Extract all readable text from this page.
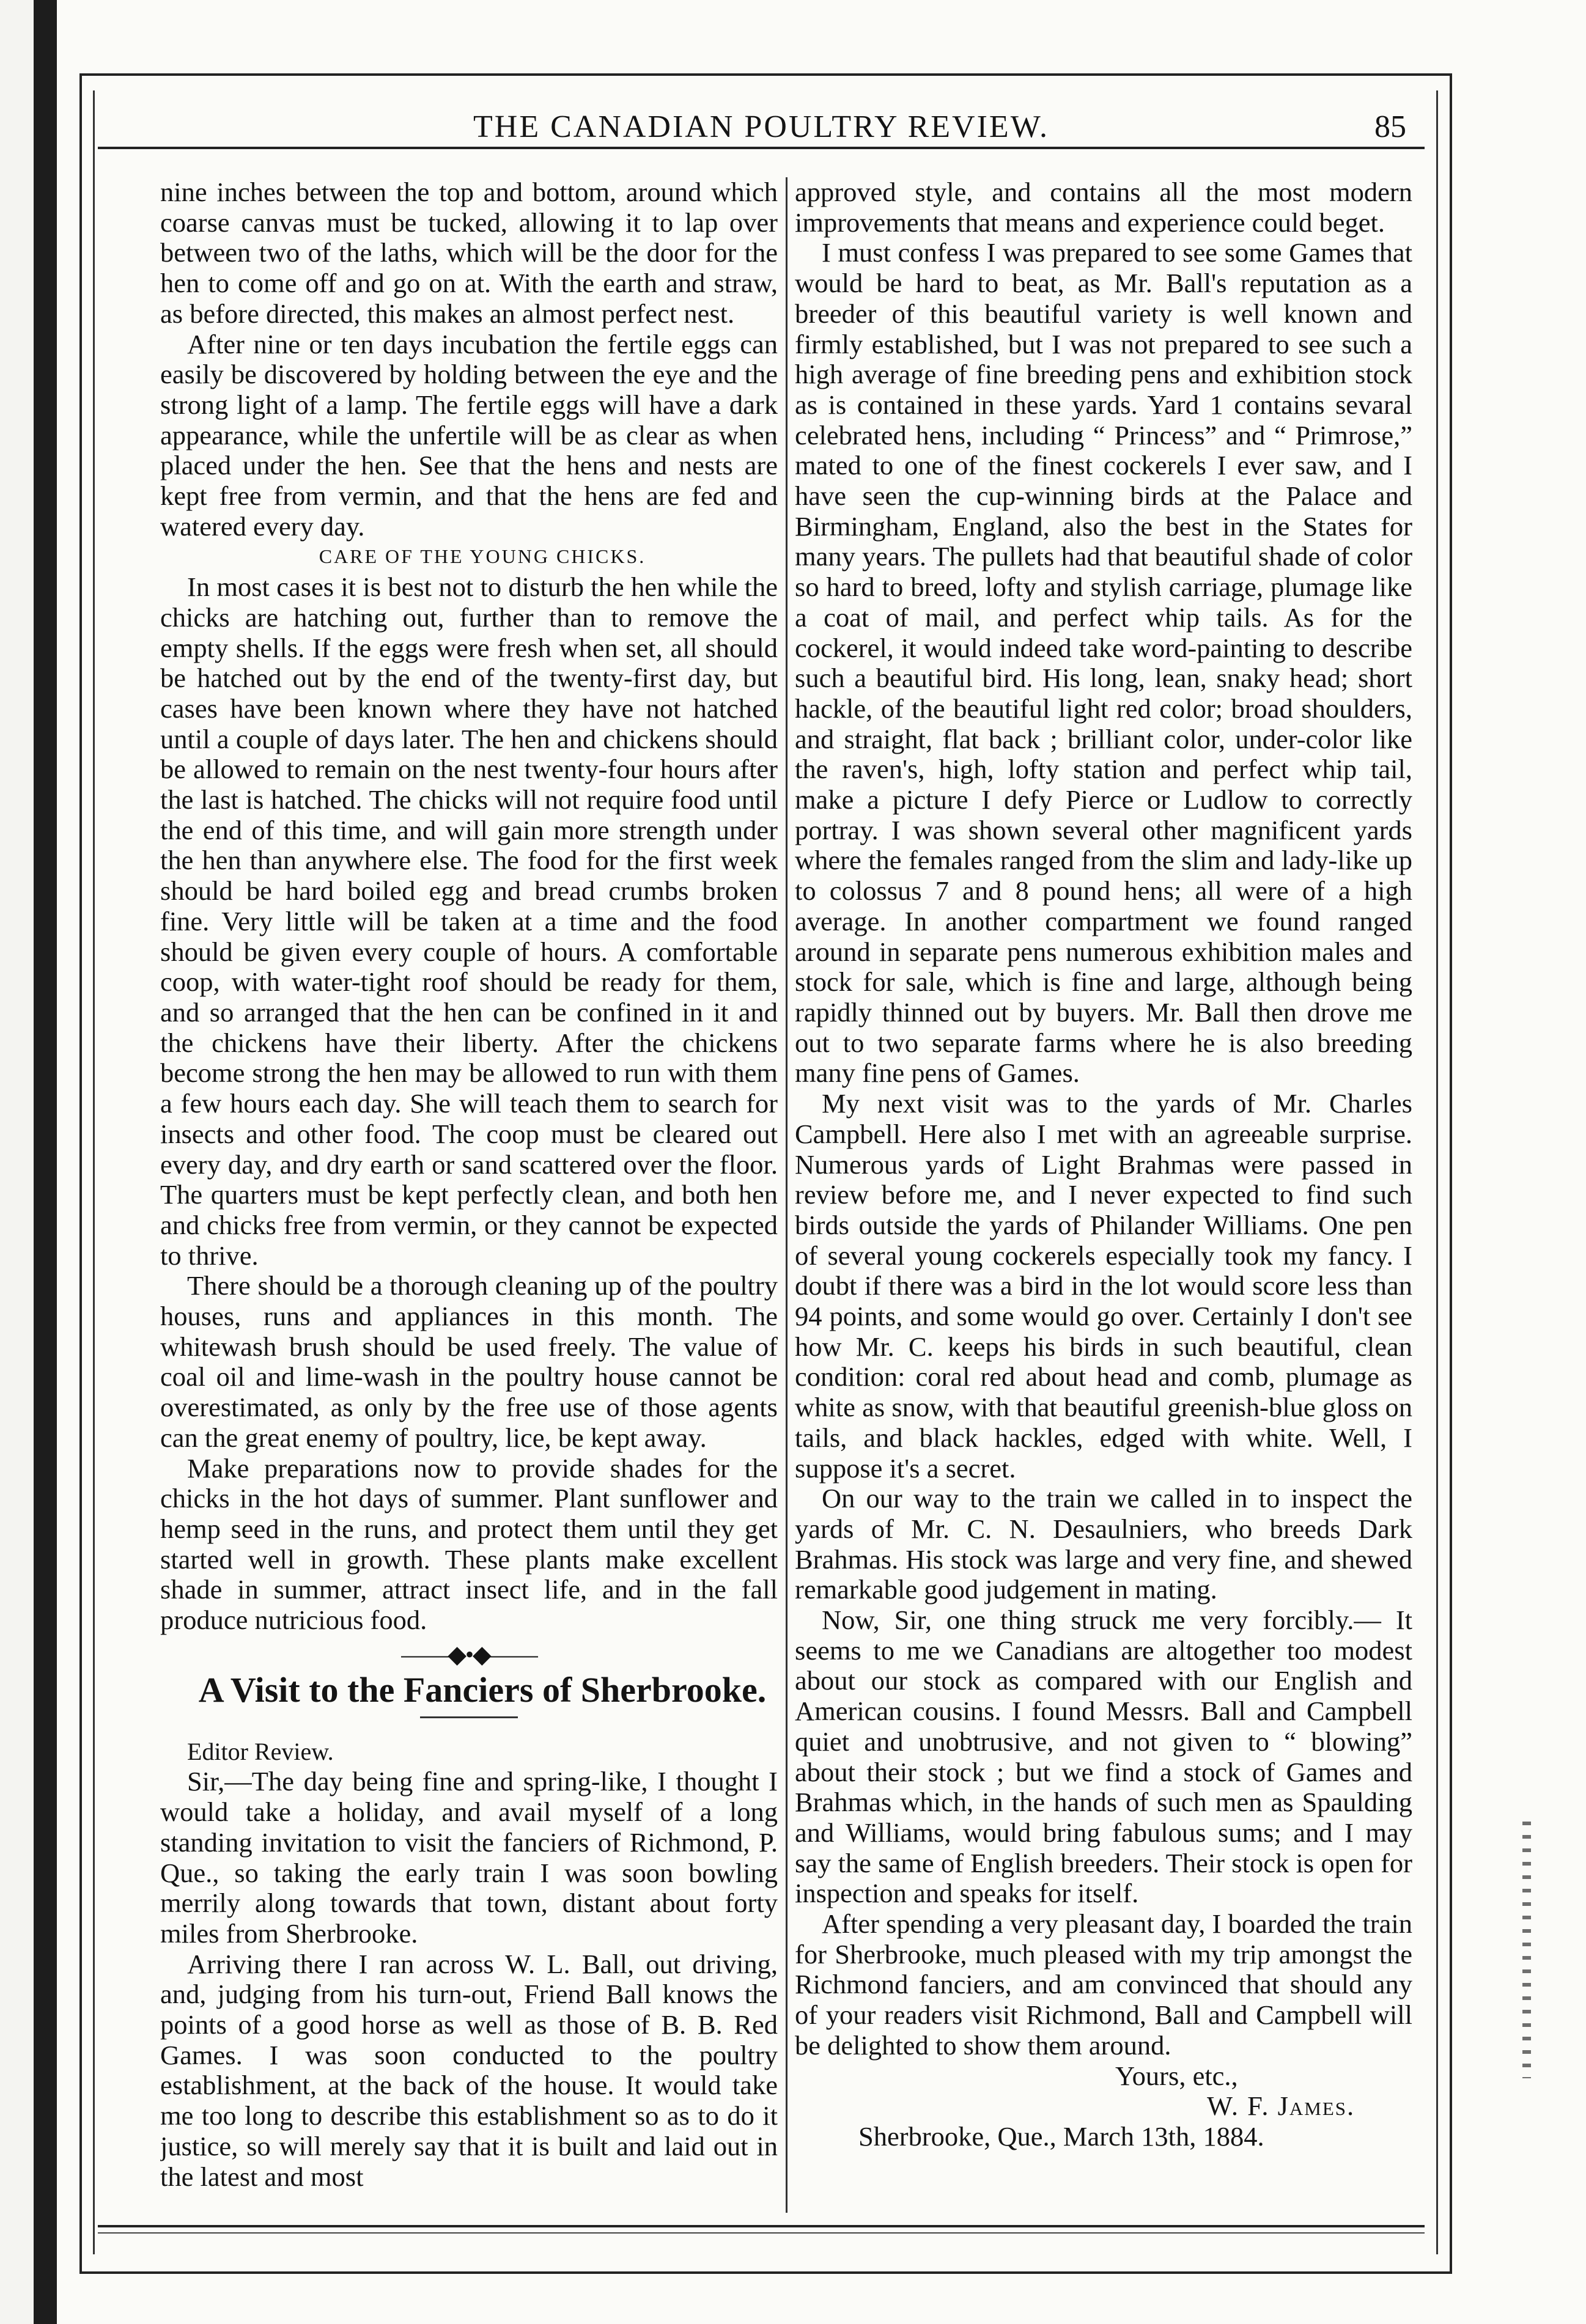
THE CANADIAN POULTRY REVIEW.	85

nine inches between the top and bottom, around which coarse canvas must be tucked, allowing it to lap over between two of the laths, which will be the door for the hen to come off and go on at. With the earth and straw, as before directed, this makes an almost perfect nest.

After nine or ten days incubation the fertile eggs can easily be discovered by holding between the eye and the strong light of a lamp. The fertile eggs will have a dark appearance, while the unfertile will be as clear as when placed under the hen. See that the hens and nests are kept free from vermin, and that the hens are fed and watered every day.

CARE OF THE YOUNG CHICKS.

In most cases it is best not to disturb the hen while the chicks are hatching out, further than to remove the empty shells. If the eggs were fresh when set, all should be hatched out by the end of the twenty-first day, but cases have been known where they have not hatched until a couple of days later. The hen and chickens should be allowed to remain on the nest twenty-four hours after the last is hatched. The chicks will not require food until the end of this time, and will gain more strength under the hen than anywhere else. The food for the first week should be hard boiled egg and bread crumbs broken fine. Very little will be taken at a time and the food should be given every couple of hours. A comfortable coop, with water-tight roof should be ready for them, and so arranged that the hen can be confined in it and the chickens have their liberty. After the chickens become strong the hen may be allowed to run with them a few hours each day. She will teach them to search for insects and other food. The coop must be cleared out every day, and dry earth or sand scattered over the floor. The quarters must be kept perfectly clean, and both hen and chicks free from vermin, or they cannot be expected to thrive.

There should be a thorough cleaning up of the poultry houses, runs and appliances in this month. The whitewash brush should be used freely. The value of coal oil and lime-wash in the poultry house cannot be overestimated, as only by the free use of those agents can the great enemy of poultry, lice, be kept away.

Make preparations now to provide shades for the chicks in the hot days of summer. Plant sunflower and hemp seed in the runs, and protect them until they get started well in growth. These plants make excellent shade in summer, attract insect life, and in the fall produce nutricious food.

——◆•◆——

A Visit to the Fanciers of Sherbrooke.

Editor Review.

Sir,—The day being fine and spring-like, I thought I would take a holiday, and avail myself of a long standing invitation to visit the fanciers of Richmond, P. Que., so taking the early train I was soon bowling merrily along towards that town, distant about forty miles from Sherbrooke.

Arriving there I ran across W. L. Ball, out driving, and, judging from his turn-out, Friend Ball knows the points of a good horse as well as those of B. B. Red Games. I was soon conducted to the poultry establishment, at the back of the house. It would take me too long to describe this establishment so as to do it justice, so will merely say that it is built and laid out in the latest and most

approved style, and contains all the most modern improvements that means and experience could beget.

I must confess I was prepared to see some Games that would be hard to beat, as Mr. Ball's reputation as a breeder of this beautiful variety is well known and firmly established, but I was not prepared to see such a high average of fine breeding pens and exhibition stock as is contained in these yards. Yard 1 contains sevaral celebrated hens, including “ Princess” and “ Primrose,” mated to one of the finest cockerels I ever saw, and I have seen the cup-winning birds at the Palace and Birmingham, England, also the best in the States for many years. The pullets had that beautiful shade of color so hard to breed, lofty and stylish carriage, plumage like a coat of mail, and perfect whip tails. As for the cockerel, it would indeed take word-painting to describe such a beautiful bird. His long, lean, snaky head; short hackle, of the beautiful light red color; broad shoulders, and straight, flat back ; brilliant color, under-color like the raven's, high, lofty station and perfect whip tail, make a picture I defy Pierce or Ludlow to correctly portray. I was shown several other magnificent yards where the females ranged from the slim and lady-like up to colossus 7 and 8 pound hens; all were of a high average. In another compartment we found ranged around in separate pens numerous exhibition males and stock for sale, which is fine and large, although being rapidly thinned out by buyers. Mr. Ball then drove me out to two separate farms where he is also breeding many fine pens of Games.

My next visit was to the yards of Mr. Charles Campbell. Here also I met with an agreeable surprise. Numerous yards of Light Brahmas were passed in review before me, and I never expected to find such birds outside the yards of Philander Williams. One pen of several young cockerels especially took my fancy. I doubt if there was a bird in the lot would score less than 94 points, and some would go over. Certainly I don't see how Mr. C. keeps his birds in such beautiful, clean condition: coral red about head and comb, plumage as white as snow, with that beautiful greenish-blue gloss on tails, and black hackles, edged with white. Well, I suppose it's a secret.

On our way to the train we called in to inspect the yards of Mr. C. N. Desaulniers, who breeds Dark Brahmas. His stock was large and very fine, and shewed remarkable good judgement in mating.

Now, Sir, one thing struck me very forcibly.— It seems to me we Canadians are altogether too modest about our stock as compared with our English and American cousins. I found Messrs. Ball and Campbell quiet and unobtrusive, and not given to “ blowing” about their stock ; but we find a stock of Games and Brahmas which, in the hands of such men as Spaulding and Williams, would bring fabulous sums; and I may say the same of English breeders. Their stock is open for inspection and speaks for itself.

After spending a very pleasant day, I boarded the train for Sherbrooke, much pleased with my trip amongst the Richmond fanciers, and am convinced that should any of your readers visit Richmond, Ball and Campbell will be delighted to show them around.

Yours, etc.,

W. F. James.

Sherbrooke, Que., March 13th, 1884.
